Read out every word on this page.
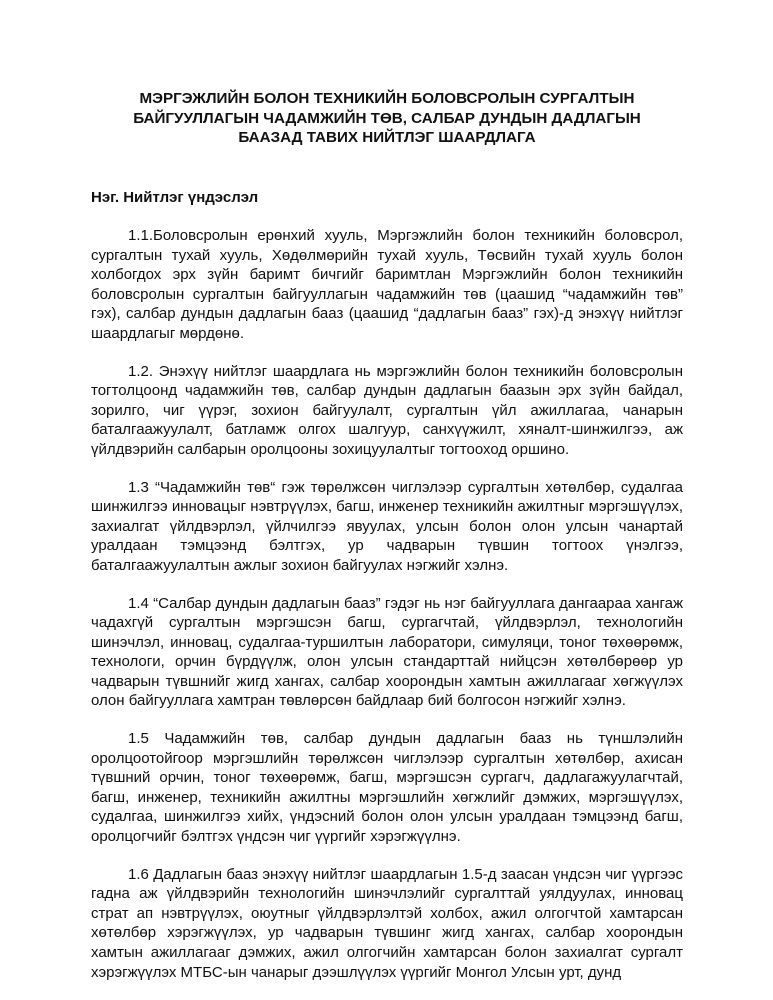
МЭРГЭЖЛИЙН БОЛОН ТЕХНИКИЙН БОЛОВСРОЛЫН СУРГАЛТЫН
БАЙГУУЛЛАГЫН ЧАДАМЖИЙН ТӨВ, САЛБАР ДУНДЫН ДАДЛАГЫН
БААЗАД ТАВИХ НИЙТЛЭГ ШААРДЛАГА
Нэг. Нийтлэг үндэслэл

1.1.Боловсролын ерөнхий хууль, Мэргэжлийн болон техникийн боловсрол, сургалтын тухай хууль, Хөдөлмөрийн тухай хууль, Төсвийн тухай хууль болон холбогдох эрх зүйн баримт бичгийг баримтлан Мэргэжлийн болон техникийн боловсролын сургалтын байгууллагын чадамжийн төв (цаашид “чадамжийн төв” гэх), салбар дундын дадлагын бааз (цаашид “дадлагын бааз” гэх)-д энэхүү нийтлэг шаардлагыг мөрдөнө.

1.2. Энэхүү нийтлэг шаардлага нь мэргэжлийн болон техникийн боловсролын тогтолцоонд чадамжийн төв, салбар дундын дадлагын баазын эрх зүйн байдал, зорилго, чиг үүрэг, зохион байгуулалт, сургалтын үйл ажиллагаа, чанарын баталгаажуулалт, батламж олгох шалгуур, санхүүжилт, хяналт-шинжилгээ, аж үйлдвэрийн салбарын оролцооны зохицуулалтыг тогтооход оршино.

1.3 “Чадамжийн төв“ гэж төрөлжсөн чиглэлээр сургалтын хөтөлбөр, судалгаа шинжилгээ инновацыг нэвтрүүлэх, багш, инженер техникийн ажилтныг мэргэшүүлэх, захиалгат үйлдвэрлэл, үйлчилгээ явуулах, улсын болон олон улсын чанартай уралдаан тэмцээнд бэлтгэх, ур чадварын түвшин тогтоох үнэлгээ, баталгаажуулалтын ажлыг зохион байгуулах нэгжийг хэлнэ.

1.4 “Салбар дундын дадлагын бааз” гэдэг нь нэг байгууллага дангаараа хангаж чадахгүй сургалтын мэргэшсэн багш, сургагчтай, үйлдвэрлэл, технологийн шинэчлэл, инновац, судалгаа-туршилтын лаборатори, симуляци, тоног төхөөрөмж, технологи, орчин бүрдүүлж, олон улсын стандарттай нийцсэн хөтөлбөрөөр ур чадварын түвшнийг жигд хангах, салбар хоорондын хамтын ажиллагааг хөгжүүлэх олон байгууллага хамтран төвлөрсөн байдлаар бий болгосон нэгжийг хэлнэ.

1.5 Чадамжийн төв, салбар дундын дадлагын бааз нь түншлэлийн оролцоотойгоор мэргэшлийн төрөлжсөн чиглэлээр сургалтын хөтөлбөр, ахисан түвшний орчин, тоног төхөөрөмж, багш, мэргэшсэн сургагч, дадлагажуулагчтай, багш, инженер, техникийн ажилтны мэргэшлийн хөгжлийг дэмжих, мэргэшүүлэх, судалгаа, шинжилгээ хийх, үндэсний болон олон улсын уралдаан тэмцээнд багш, оролцогчийг бэлтгэх үндсэн чиг үүргийг хэрэгжүүлнэ.

1.6 Дадлагын бааз энэхүү нийтлэг шаардлагын 1.5-д заасан үндсэн чиг үүргээс гадна аж үйлдвэрийн технологийн шинэчлэлийг сургалттай уялдуулах, инновац страт ап нэвтрүүлэх, оюутныг үйлдвэрлэлтэй холбох, ажил олгогчтой хамтарсан хөтөлбөр хэрэгжүүлэх, ур чадварын түвшинг жигд хангах, салбар хоорондын хамтын ажиллагааг дэмжих, ажил олгогчийн хамтарсан болон захиалгат сургалт хэрэгжүүлэх МТБС-ын чанарыг дээшлүүлэх үүргийг Монгол Улсын урт, дунд
